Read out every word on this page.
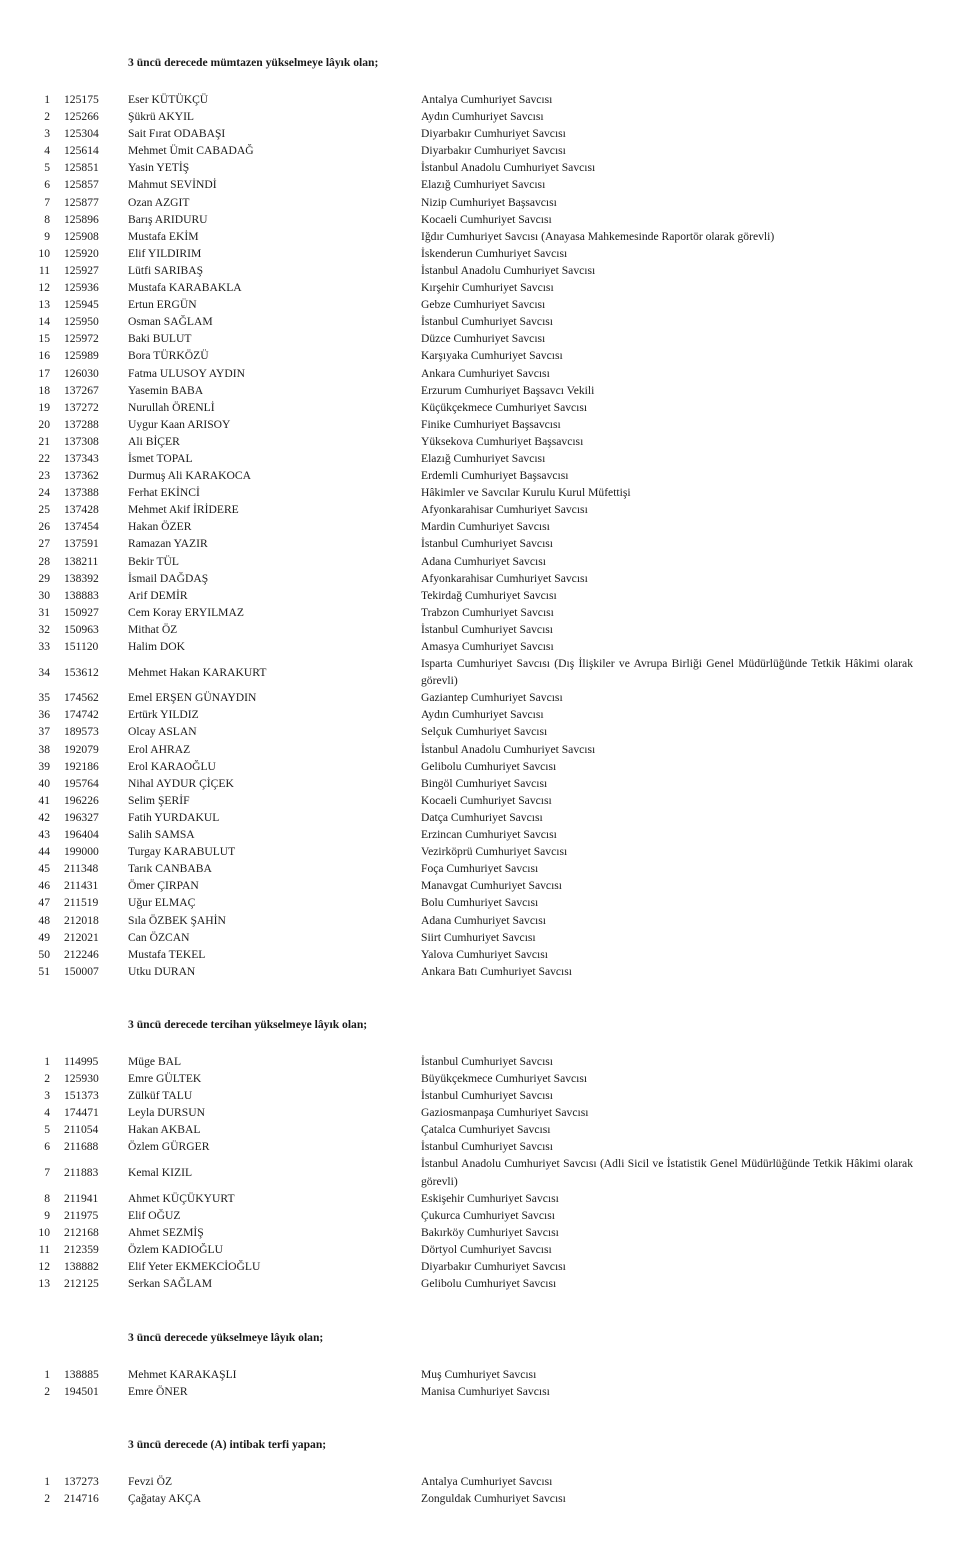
3 üncü derecede mümtazen yükselmeye lâyık olan;
1 125175	Eser KÜTÜKÇÜ	Antalya Cumhuriyet Savcısı
2 125266	Şükrü AKYIL	Aydın Cumhuriyet Savcısı
3 125304	Sait Fırat ODABAŞI	Diyarbakır Cumhuriyet Savcısı
4 125614	Mehmet Ümit CABADAĞ	Diyarbakır Cumhuriyet Savcısı
5 125851	Yasin YETİŞ	İstanbul Anadolu Cumhuriyet Savcısı
6 125857	Mahmut SEVİNDİ	Elazığ Cumhuriyet Savcısı
7 125877	Ozan AZGIT	Nizip Cumhuriyet Başsavcısı
8 125896	Barış ARIDURU	Kocaeli Cumhuriyet Savcısı
9 125908	Mustafa EKİM	Iğdır Cumhuriyet Savcısı (Anayasa Mahkemesinde Raportör olarak görevli)
10 125920	Elif YILDIRIM	İskenderun Cumhuriyet Savcısı
11 125927	Lütfi SARIBAŞ	İstanbul Anadolu Cumhuriyet Savcısı
12 125936	Mustafa KARABAKLA	Kırşehir Cumhuriyet Savcısı
13 125945	Ertun ERGÜN	Gebze Cumhuriyet Savcısı
14 125950	Osman SAĞLAM	İstanbul Cumhuriyet Savcısı
15 125972	Baki BULUT	Düzce Cumhuriyet Savcısı
16 125989	Bora TÜRKÖZÜ	Karşıyaka Cumhuriyet Savcısı
17 126030	Fatma ULUSOY AYDIN	Ankara Cumhuriyet Savcısı
18 137267	Yasemin BABA	Erzurum Cumhuriyet Başsavcı Vekili
19 137272	Nurullah ÖRENLİ	Küçükçekmece Cumhuriyet Savcısı
20 137288	Uygur Kaan ARISOY	Finike Cumhuriyet Başsavcısı
21 137308	Ali BİÇER	Yüksekova Cumhuriyet Başsavcısı
22 137343	İsmet TOPAL	Elazığ Cumhuriyet Savcısı
23 137362	Durmuş Ali KARAKOCA	Erdemli Cumhuriyet Başsavcısı
24 137388	Ferhat EKİNCİ	Hâkimler ve Savcılar Kurulu Kurul Müfettişi
25 137428	Mehmet Akif İRİDERE	Afyonkarahisar Cumhuriyet Savcısı
26 137454	Hakan ÖZER	Mardin Cumhuriyet Savcısı
27 137591	Ramazan YAZIR	İstanbul Cumhuriyet Savcısı
28 138211	Bekir TÜL	Adana Cumhuriyet Savcısı
29 138392	İsmail DAĞDAŞ	Afyonkarahisar Cumhuriyet Savcısı
30 138883	Arif DEMİR	Tekirdağ Cumhuriyet Savcısı
31 150927	Cem Koray ERYILMAZ	Trabzon Cumhuriyet Savcısı
32 150963	Mithat ÖZ	İstanbul Cumhuriyet Savcısı
33 151120	Halim DOK	Amasya Cumhuriyet Savcısı
34 153612	Mehmet Hakan KARAKURT
Isparta Cumhuriyet Savcısı (Dış İlişkiler ve Avrupa Birliği Genel Müdürlüğünde Tetkik Hâkimi olarak görevli)
35 174562	Emel ERŞEN GÜNAYDIN	Gaziantep Cumhuriyet Savcısı
36 174742	Ertürk YILDIZ	Aydın Cumhuriyet Savcısı
37 189573	Olcay ASLAN	Selçuk Cumhuriyet Savcısı
38 192079	Erol AHRAZ	İstanbul Anadolu Cumhuriyet Savcısı
39 192186	Erol KARAOĞLU	Gelibolu Cumhuriyet Savcısı
40 195764	Nihal AYDUR ÇİÇEK	Bingöl Cumhuriyet Savcısı
41 196226	Selim ŞERİF	Kocaeli Cumhuriyet Savcısı
42 196327	Fatih YURDAKUL	Datça Cumhuriyet Savcısı
43 196404	Salih SAMSA	Erzincan Cumhuriyet Savcısı
44 199000	Turgay KARABULUT	Vezirköprü Cumhuriyet Savcısı
45 211348	Tarık CANBABA	Foça Cumhuriyet Savcısı
46 211431	Ömer ÇIRPAN	Manavgat Cumhuriyet Savcısı
47 211519	Uğur ELMAÇ	Bolu Cumhuriyet Savcısı
48 212018	Sıla ÖZBEK ŞAHİN	Adana Cumhuriyet Savcısı
49 212021	Can ÖZCAN	Siirt Cumhuriyet Savcısı
50 212246	Mustafa TEKEL	Yalova Cumhuriyet Savcısı
51 150007	Utku DURAN	Ankara Batı Cumhuriyet Savcısı
3 üncü derecede tercihan yükselmeye lâyık olan;
1 114995	Müge BAL	İstanbul Cumhuriyet Savcısı
2 125930	Emre GÜLTEK	Büyükçekmece Cumhuriyet Savcısı
3 151373	Zülküf TALU	İstanbul Cumhuriyet Savcısı
4 174471	Leyla DURSUN	Gaziosmanpaşa Cumhuriyet Savcısı
5 211054	Hakan AKBAL	Çatalca Cumhuriyet Savcısı
6 211688	Özlem GÜRGER	İstanbul Cumhuriyet Savcısı
7 211883	Kemal KIZIL
İstanbul Anadolu Cumhuriyet Savcısı (Adli Sicil ve İstatistik Genel Müdürlüğünde Tetkik Hâkimi olarak görevli)
8 211941	Ahmet KÜÇÜKYURT	Eskişehir Cumhuriyet Savcısı
9 211975	Elif OĞUZ	Çukurca Cumhuriyet Savcısı
10 212168	Ahmet SEZMİŞ	Bakırköy Cumhuriyet Savcısı
11 212359	Özlem KADIOĞLU	Dörtyol Cumhuriyet Savcısı
12 138882	Elif Yeter EKMEKCİOĞLU	Diyarbakır Cumhuriyet Savcısı
13 212125	Serkan SAĞLAM	Gelibolu Cumhuriyet Savcısı
3 üncü derecede yükselmeye lâyık olan;
1 138885	Mehmet KARAKAŞLI	Muş Cumhuriyet Savcısı
2 194501	Emre ÖNER	Manisa Cumhuriyet Savcısı
3 üncü derecede (A) intibak terfi yapan;
1 137273	Fevzi ÖZ	Antalya Cumhuriyet Savcısı
2 214716	Çağatay AKÇA	Zonguldak Cumhuriyet Savcısı
